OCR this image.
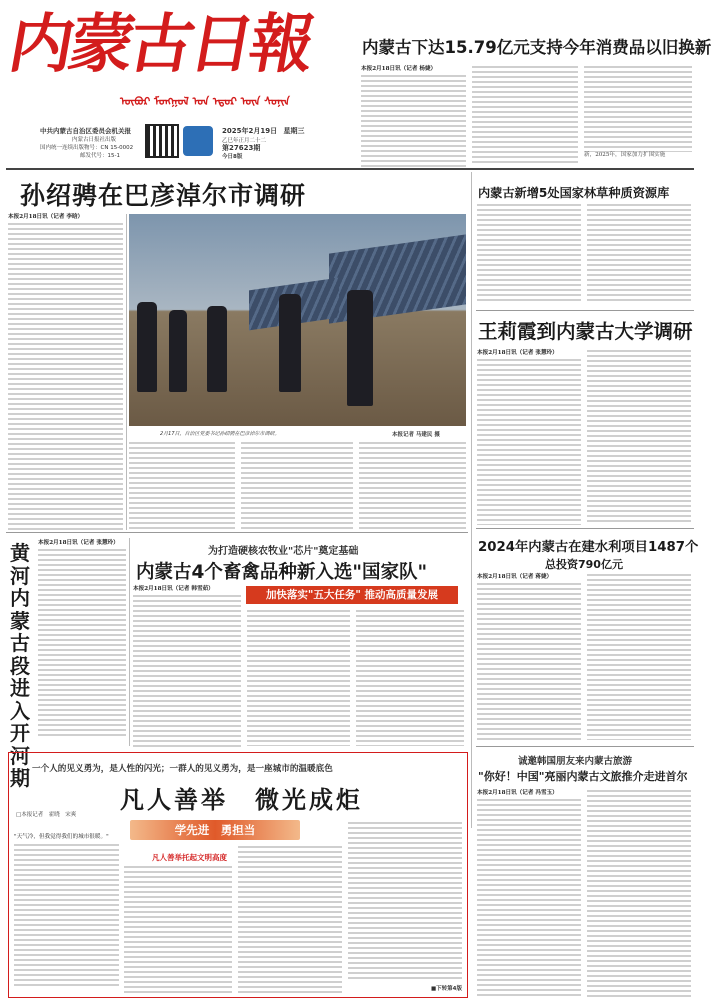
内蒙古日報
ᠥᠪᠦᠷ ᠮᠣᠩᠭᠣᠯ ᠤᠨ ᠡᠳᠦᠷ ᠦᠨ ᠰᠣᠨᠢᠨ
中共内蒙古自治区委员会机关报
内蒙古日报社出版
国内统一连续出版物号：CN 15-0002
邮发代号：15-1
2025年2月19日 星期三
乙巳年正月二十二
第27623期
今日8版
内蒙古下达15.79亿元支持今年消费品以旧换新
本报2月18日讯（记者 杨婕）
新，2025年，国家加力扩围实施
孙绍骋在巴彦淖尔市调研
本报2月18日讯（记者 李晗）
2月17日，自治区党委书记孙绍骋在巴彦淖尔市调研。	本报记者 马建民 摄
内蒙古新增5处国家林草种质资源库
王莉霞到内蒙古大学调研
本报2月18日讯（记者 张慧玲）
黄河内蒙古段进入开河期
本报2月18日讯（记者 张慧玲）
为打造硬核农牧业"芯片"奠定基础
内蒙古4个畜禽品种新入选"国家队"
加快落实"五大任务" 推动高质量发展
本报2月18日讯（记者 韩雪茹）
2024年内蒙古在建水利项目1487个
总投资790亿元
本报2月18日讯（记者 蒋婕）
诚邀韩国朋友来内蒙古旅游
"你好！中国"亮丽内蒙古文旅推介走进首尔
本报2月18日讯（记者 冯雪玉）
一个人的见义勇为，是人性的闪光；一群人的见义勇为，是一座城市的温暖底色
凡人善举　微光成炬
□本报记者　霍晓　宋爽
学先进　勇担当
"天气冷，但我觉得我们的城市很暖。"
凡人善举托起文明高度
■下转第4版
